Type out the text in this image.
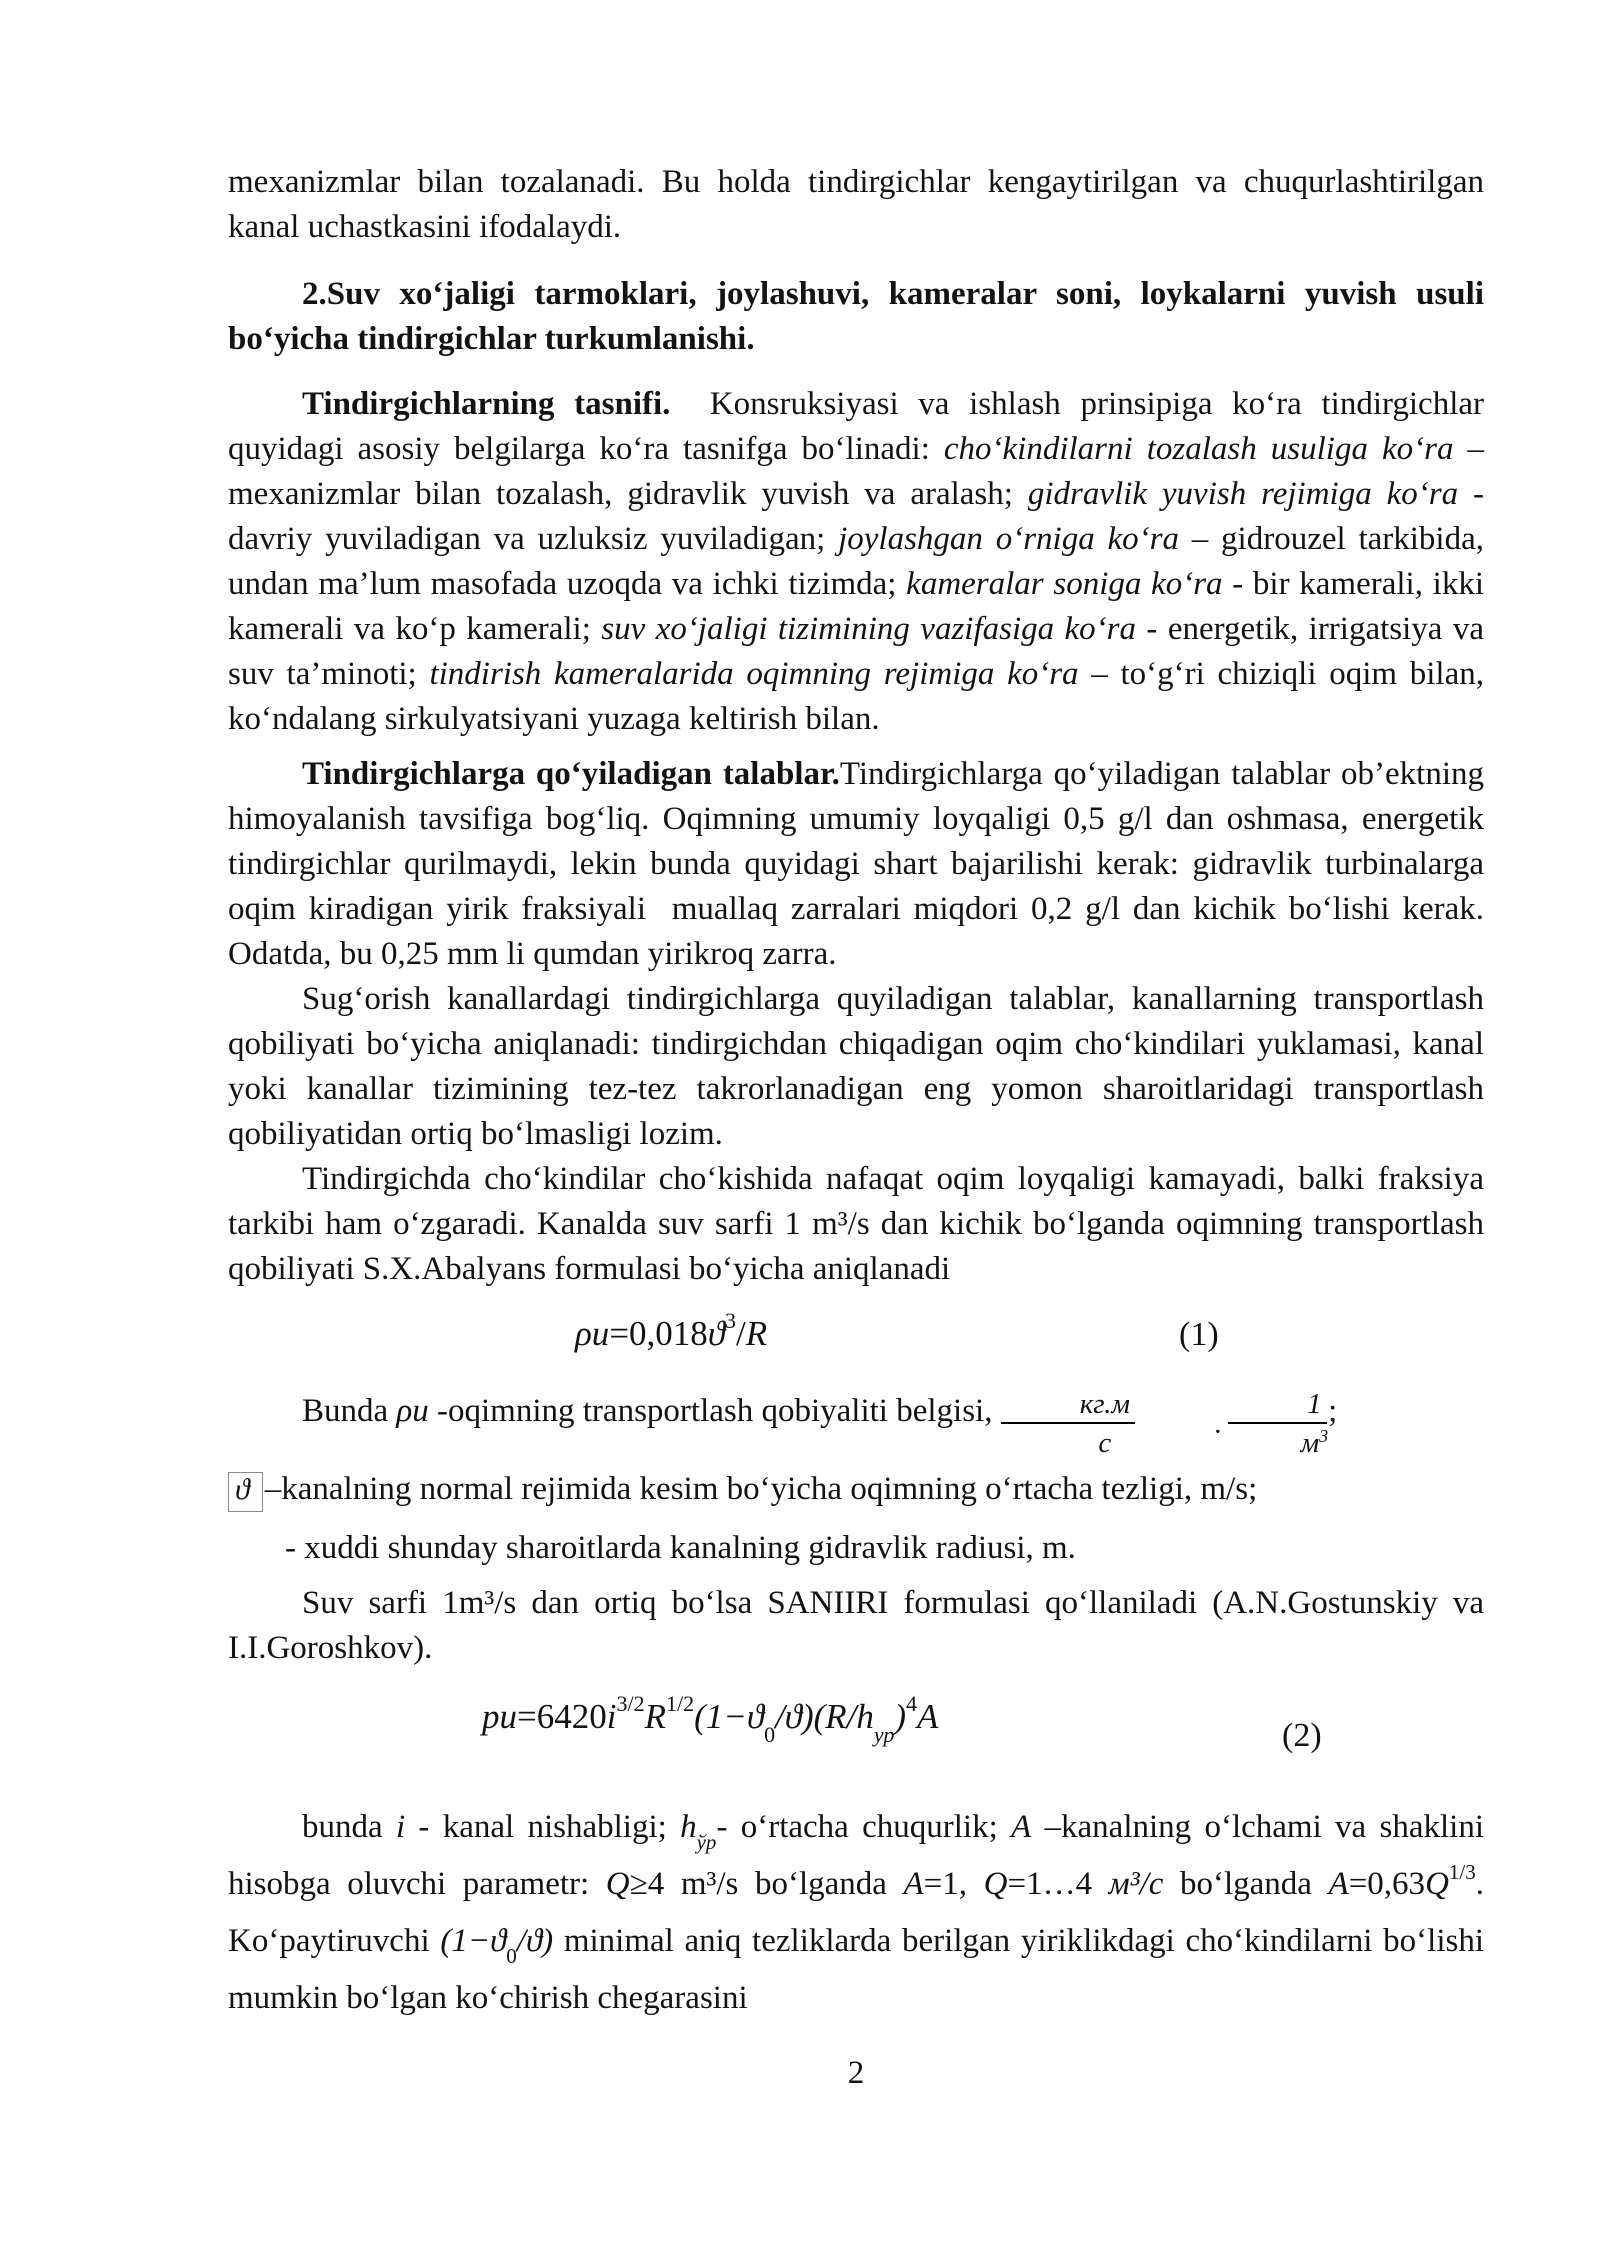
mexanizmlar bilan tozalanadi. Bu holda tindirgichlar kengaytirilgan va chuqurlashtirilgan kanal uchastkasini ifodalaydi.

2.Suv xoʻjaligi tarmoklari, joylashuvi, kameralar soni, loykalarni yuvish usuli boʻyicha tindirgichlar turkumlanishi.

Tindirgichlarning tasnifi.  Konsruksiyasi va ishlash prinsipiga koʻra tindirgichlar quyidagi asosiy belgilarga koʻra tasnifga boʻlinadi: choʻkindilarni tozalash usuliga koʻra – mexanizmlar bilan tozalash, gidravlik yuvish va aralash; gidravlik yuvish rejimiga koʻra - davriy yuviladigan va uzluksiz yuviladigan; joylashgan oʻrniga koʻra – gidrouzel tarkibida, undan ma’lum masofada uzoqda va ichki tizimda; kameralar soniga koʻra - bir kamerali, ikki kamerali va koʻp kamerali; suv xoʻjaligi tizimining vazifasiga koʻra - energetik, irrigatsiya va suv ta’minoti; tindirish kameralarida oqimning rejimiga koʻra – toʻgʻri chiziqli oqim bilan, koʻndalang sirkulyatsiyani yuzaga keltirish bilan.

Tindirgichlarga qoʻyiladigan talablar.Tindirgichlarga qoʻyiladigan talablar ob’ektning himoyalanish tavsifiga bogʻliq. Oqimning umumiy loyqaligi 0,5 g/l dan oshmasa, energetik tindirgichlar qurilmaydi, lekin bunda quyidagi shart bajarilishi kerak: gidravlik turbinalarga oqim kiradigan yirik fraksiyali  muallaq zarralari miqdori 0,2 g/l dan kichik boʻlishi kerak. Odatda, bu 0,25 mm li qumdan yirikroq zarra.

Sugʻorish kanallardagi tindirgichlarga quyiladigan talablar, kanallarning transportlash qobiliyati boʻyicha aniqlanadi: tindirgichdan chiqadigan oqim choʻkindilari yuklamasi, kanal yoki kanallar tizimining tez-tez takrorlanadigan eng yomon sharoitlaridagi transportlash qobiliyatidan ortiq boʻlmasligi lozim.

Tindirgichda choʻkindilar choʻkishida nafaqat oqim loyqaligi kamayadi, balki fraksiya tarkibi ham oʻzgaradi. Kanalda suv sarfi 1 m³/s dan kichik boʻlganda oqimning transportlash qobiliyati S.X.Abalyans formulasi boʻyicha aniqlanadi

$\rho u=0,018ϑ^3/R$	(1)

Bunda ρu -oqimning transportlash qobiyaliti belgisi, $\frac{кг.м}{с}$	· $\frac{1}{м^3}$ ;

ϑ –kanalning normal rejimida kesim boʻyicha oqimning oʻrtacha tezligi, m/s;

- xuddi shunday sharoitlarda kanalning gidravlik radiusi, m.

Suv sarfi 1m³/s dan ortiq boʻlsa SANIIRI formulasi qoʻllaniladi (A.N.Gostunskiy va I.I.Goroshkov).

$pu=6420i^{3/2}R^{1/2}(1-ϑ_0/ϑ)(R/h_{ур})^4A$	(2)

bunda i - kanal nishabligi; $h_{ўр}-$ oʻrtacha chuqurlik; A –kanalning oʻlchami va shaklini hisobga oluvchi parametr: Q≥4 m³/s boʻlganda A=1, Q=1…4 м³/с boʻlganda $A=0,63Q^{1/3}$. Koʻpaytiruvchi $(1-ϑ_0/ϑ)$ minimal aniq tezliklarda berilgan yiriklikdagi choʻkindilarni boʻlishi mumkin boʻlgan koʻchirish chegarasini

2
